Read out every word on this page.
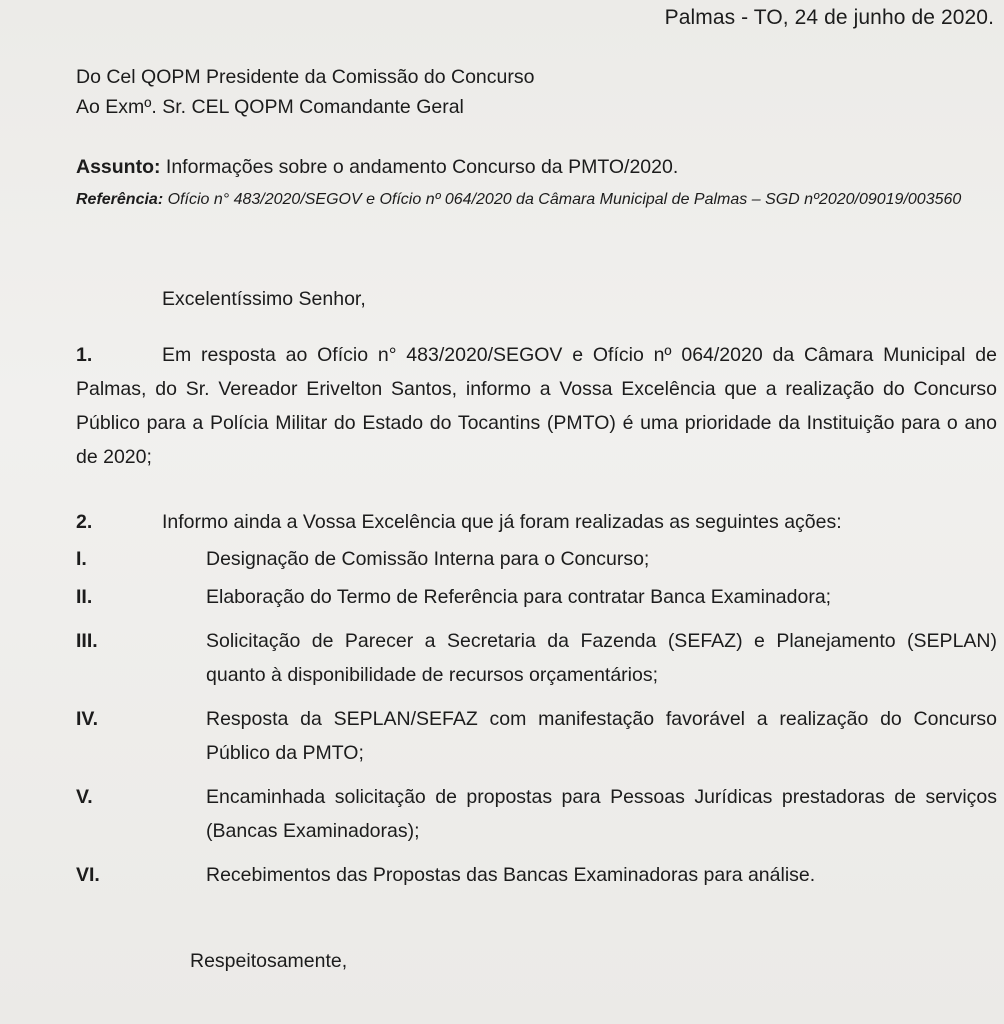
Palmas - TO, 24 de junho de 2020.
Do Cel QOPM Presidente da Comissão do Concurso
Ao Exmº. Sr. CEL QOPM Comandante Geral
Assunto: Informações sobre o andamento Concurso da PMTO/2020.
Referência: Ofício n° 483/2020/SEGOV e Ofício nº 064/2020 da Câmara Municipal de Palmas – SGD nº2020/09019/003560
Excelentíssimo Senhor,
1.	Em resposta ao Ofício n° 483/2020/SEGOV e Ofício nº 064/2020 da Câmara Municipal de Palmas, do Sr. Vereador Erivelton Santos, informo a Vossa Excelência que a realização do Concurso Público para a Polícia Militar do Estado do Tocantins (PMTO) é uma prioridade da Instituição para o ano de 2020;
2.	Informo ainda a Vossa Excelência que já foram realizadas as seguintes ações:
I.	Designação de Comissão Interna para o Concurso;
II.	Elaboração do Termo de Referência para contratar Banca Examinadora;
III.	Solicitação de Parecer a Secretaria da Fazenda (SEFAZ) e Planejamento (SEPLAN) quanto à disponibilidade de recursos orçamentários;
IV.	Resposta da SEPLAN/SEFAZ com manifestação favorável a realização do Concurso Público da PMTO;
V.	Encaminhada solicitação de propostas para Pessoas Jurídicas prestadoras de serviços (Bancas Examinadoras);
VI.	Recebimentos das Propostas das Bancas Examinadoras para análise.
Respeitosamente,
